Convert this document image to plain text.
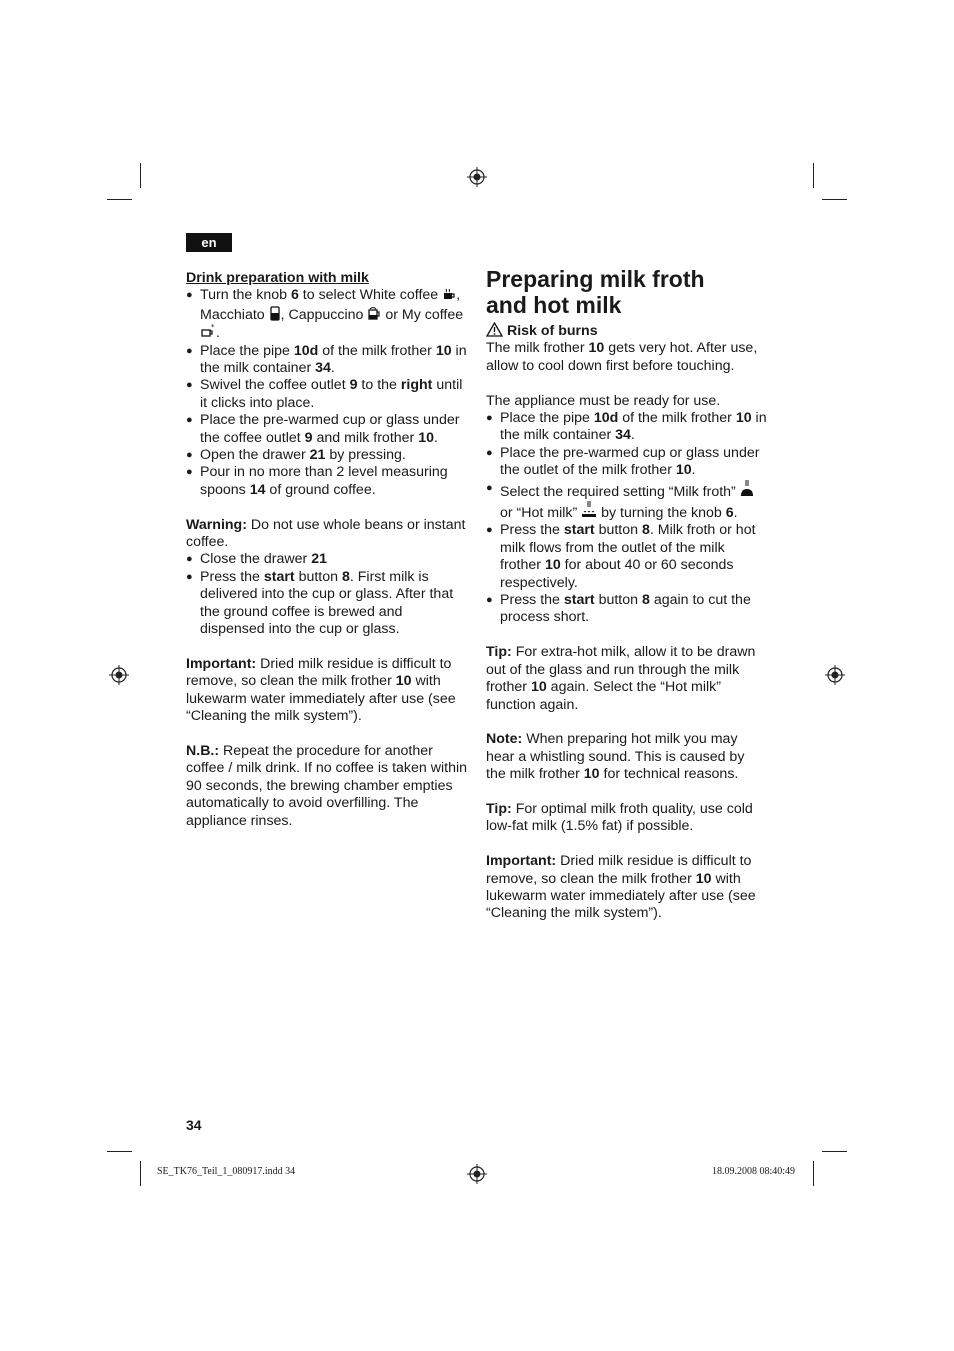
en

Drink preparation with milk

● Turn the knob 6 to select White coffee , Macchiato , Cappuccino  or My coffee
* .
● Place the pipe 10d of the milk frother 10 in the milk container 34.
● Swivel the coffee outlet 9 to the right until it clicks into place.
● Place the pre-warmed cup or glass under the coffee outlet 9 and milk frother 10.
● Open the drawer 21 by pressing.
● Pour in no more than 2 level measuring spoons 14 of ground coffee.

Warning: Do not use whole beans or instant coffee.

● Close the drawer 21
● Press the start button 8. First milk is delivered into the cup or glass. After that the ground coffee is brewed and dispensed into the cup or glass.

Important: Dried milk residue is difficult to remove, so clean the milk frother 10 with lukewarm water immediately after use (see “Cleaning the milk system”).

N.B.: Repeat the procedure for another coffee / milk drink. If no coffee is taken within 90 seconds, the brewing chamber empties automatically to avoid overfilling. The appliance rinses.

Preparing milk froth
and hot milk

Risk of burns

The milk frother 10 gets very hot. After use, allow to cool down first before touching.

The appliance must be ready for use.

● Place the pipe 10d of the milk frother 10 in the milk container 34.
● Place the pre-warmed cup or glass under the outlet of the milk frother 10.
● Select the required setting “Milk froth”  or “Hot milk”  by turning the knob 6.
● Press the start button 8. Milk froth or hot milk flows from the outlet of the milk frother 10 for about 40 or 60 seconds respectively.
● Press the start button 8 again to cut the process short.

Tip: For extra-hot milk, allow it to be drawn out of the glass and run through the milk frother 10 again. Select the “Hot milk” function again.

Note: When preparing hot milk you may hear a whistling sound. This is caused by the milk frother 10 for technical reasons.

Tip: For optimal milk froth quality, use cold low-fat milk (1.5% fat) if possible.

Important: Dried milk residue is difficult to remove, so clean the milk frother 10 with lukewarm water immediately after use (see “Cleaning the milk system”).

34
SE_TK76_Teil_1_080917.indd 34	18.09.2008 08:40:49
